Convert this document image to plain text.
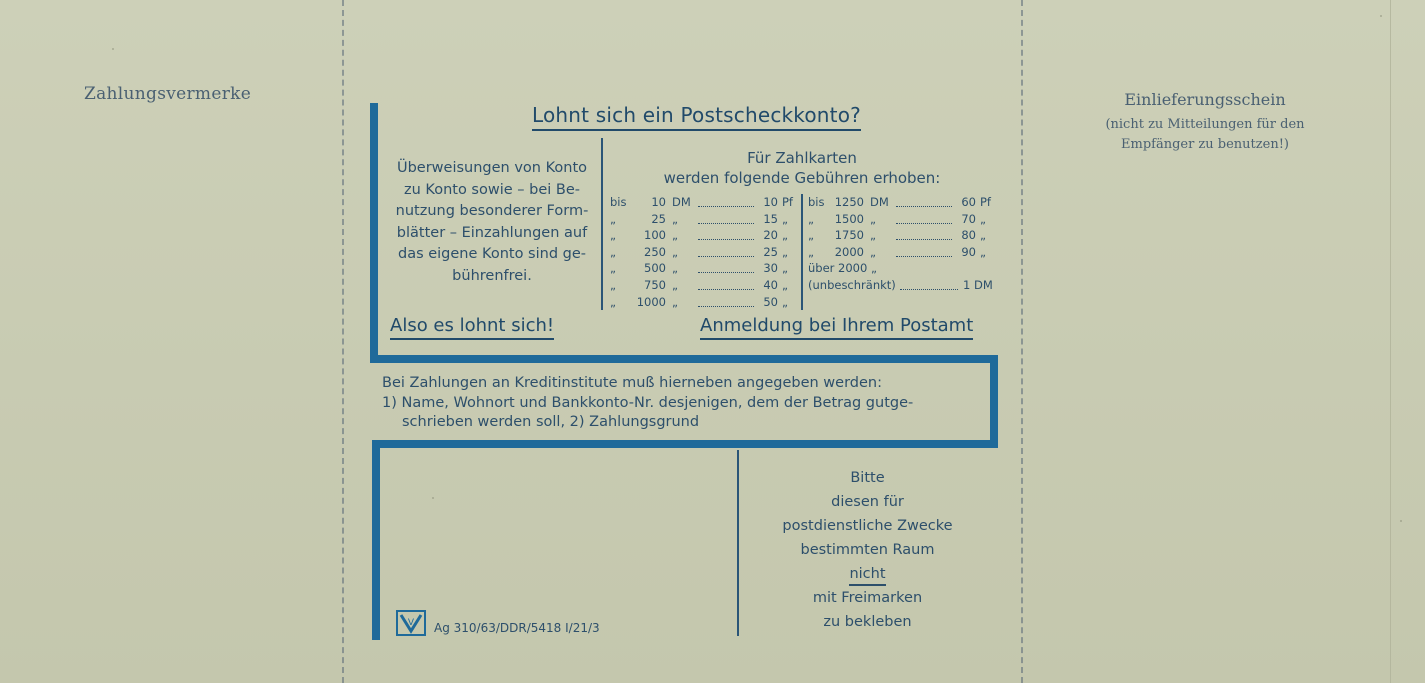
Zahlungsvermerke	Einlieferungsschein
(nicht zu Mitteilungen für den
Empfänger zu benutzen!)
Lohnt sich ein Postscheckkonto?
Überweisungen von Konto
zu Konto sowie – bei Be-
nutzung besonderer Form-
blätter – Einzahlungen auf
das eigene Konto sind ge-
bührenfrei.
Für Zahlkarten
werden folgende Gebühren erhoben:
bis	10 DM	10 Pf
„	25 „	15 „
„	100 „	20 „
„	250 „	25 „
„	500 „	30 „
„	750 „	40 „
„ 1000 „	50 „
bis 1250 DM	60 Pf
„ 1500 „	70 „
„ 1750 „	80 „
„ 2000 „	90 „
über 2000 „
(unbeschränkt)	1 DM
Also es lohnt sich!	Anmeldung bei Ihrem Postamt
Bei Zahlungen an Kreditinstitute muß hierneben angegeben werden:
1) Name, Wohnort und Bankkonto-Nr. desjenigen, dem der Betrag gutge-
schrieben werden soll, 2) Zahlungsgrund
Bitte
diesen für
postdienstliche Zwecke
bestimmten Raum
nicht
mit Freimarken
zu bekleben
V Ag 310/63/DDR/5418 I/21/3
